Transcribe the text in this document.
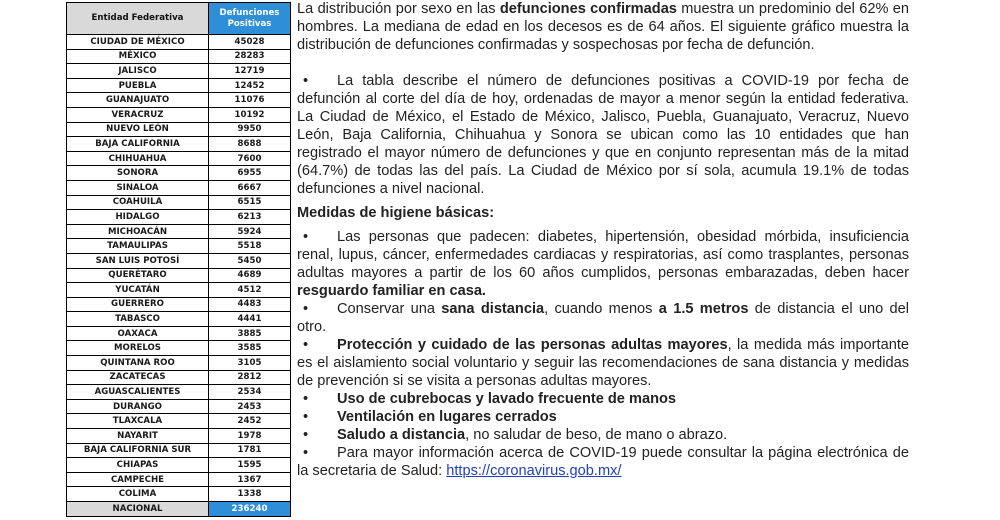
Entidad Federativa	Defunciones Positivas
CIUDAD DE MÉXICO	45028
MÉXICO	28283
JALISCO	12719
PUEBLA	12452
GUANAJUATO	11076
VERACRUZ	10192
NUEVO LEÓN	9950
BAJA CALIFORNIA	8688
CHIHUAHUA	7600
SONORA	6955
SINALOA	6667
COAHUILA	6515
HIDALGO	6213
MICHOACÁN	5924
TAMAULIPAS	5518
SAN LUIS POTOSÍ	5450
QUERÉTARO	4689
YUCATÁN	4512
GUERRERO	4483
TABASCO	4441
OAXACA	3885
MORELOS	3585
QUINTANA ROO	3105
ZACATECAS	2812
AGUASCALIENTES	2534
DURANGO	2453
TLAXCALA	2452
NAYARIT	1978
BAJA CALIFORNIA SUR	1781
CHIAPAS	1595
CAMPECHE	1367
COLIMA	1338
NACIONAL	236240

La distribución por sexo en las defunciones confirmadas muestra un predominio del 62% en hombres. La mediana de edad en los decesos es de 64 años. El siguiente gráfico muestra la distribución de defunciones confirmadas y sospechosas por fecha de defunción.

•La tabla describe el número de defunciones positivas a COVID-19 por fecha de defunción al corte del día de hoy, ordenadas de mayor a menor según la entidad federativa. La Ciudad de México, el Estado de México, Jalisco, Puebla, Guanajuato, Veracruz, Nuevo León, Baja California, Chihuahua y Sonora se ubican como las 10 entidades que han registrado el mayor número de defunciones y que en conjunto representan más de la mitad (64.7%) de todas las del país. La Ciudad de México por sí sola, acumula 19.1% de todas defunciones a nivel nacional.

Medidas de higiene básicas:

•Las personas que padecen: diabetes, hipertensión, obesidad mórbida, insuficiencia renal, lupus, cáncer, enfermedades cardiacas y respiratorias, así como trasplantes, personas adultas mayores a partir de los 60 años cumplidos, personas embarazadas, deben hacer resguardo familiar en casa.

•Conservar una sana distancia, cuando menos a 1.5 metros de distancia el uno del otro.

•Protección y cuidado de las personas adultas mayores, la medida más importante es el aislamiento social voluntario y seguir las recomendaciones de sana distancia y medidas de prevención si se visita a personas adultas mayores.

•Uso de cubrebocas y lavado frecuente de manos

•Ventilación en lugares cerrados

•Saludo a distancia, no saludar de beso, de mano o abrazo.

•Para mayor información acerca de COVID-19 puede consultar la página electrónica de la secretaria de Salud: https://coronavirus.gob.mx/
